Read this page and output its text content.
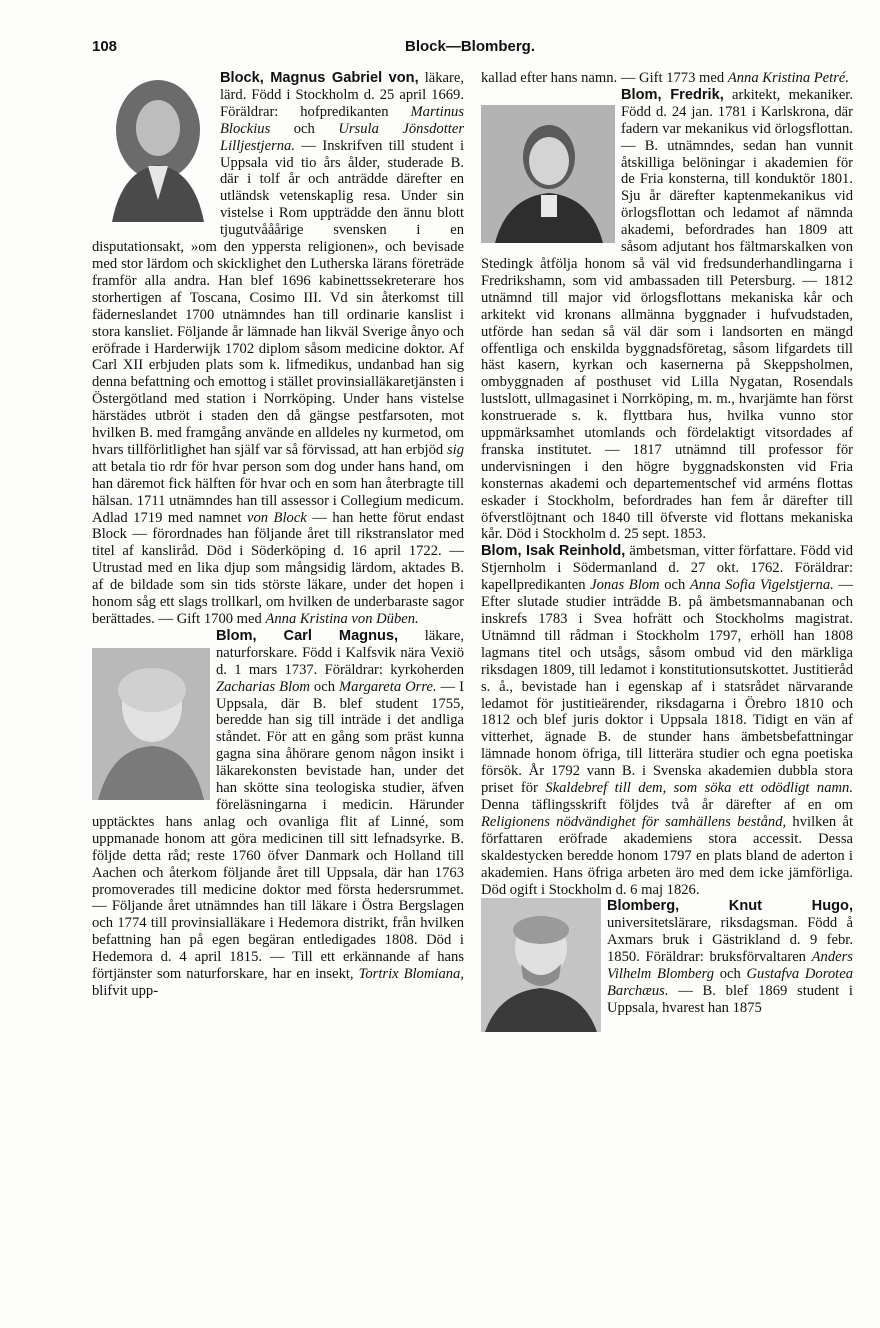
108	Block—Blomberg.

Block, Magnus Gabriel von, läkare, lärd. Född i Stockholm d. 25 april 1669. Föräldrar: hofpredikanten Martinus Blockius och Ursula Jönsdotter Lilljestjerna. — Inskrifven till student i Uppsala vid tio års ålder, studerade B. där i tolf år och anträdde därefter en utländsk vetenskaplig resa. Under sin vistelse i Rom uppträdde den ännu blott tjugutvååårige svensken i en disputationsakt, »om den yppersta religionen», och bevisade med stor lärdom och skicklighet den Lutherska lärans företräde framför alla andra. Han blef 1696 kabinettssekreterare hos storhertigen af Toscana, Cosimo III. Vd sin återkomst till fäderneslandet 1700 utnämndes han till ordinarie kanslist i stora kansliet. Följande år lämnade han likväl Sverige ånyo och eröfrade i Harderwijk 1702 diplom såsom medicine doktor. Af Carl XII erbjuden plats som k. lifmedikus, undanbad han sig denna befattning och emottog i stället provinsialläkaretjänsten i Östergötland med station i Norrköping. Under hans vistelse härstädes utbröt i staden den då gängse pestfarsoten, mot hvilken B. med framgång använde en alldeles ny kurmetod, om hvars tillförlitlighet han själf var så förvissad, att han erbjöd sig att betala tio rdr för hvar person som dog under hans hand, om han däremot fick hälften för hvar och en som han återbragte till hälsan. 1711 utnämndes han till assessor i Collegium medicum. Adlad 1719 med namnet von Block — han hette förut endast Block — förordnades han följande året till rikstranslator med titel af kansliråd. Död i Söderköping d. 16 april 1722. — Utrustad med en lika djup som mångsidig lärdom, aktades B. af de bildade som sin tids störste läkare, under det hopen i honom såg ett slags trollkarl, om hvilken de underbaraste sagor berättades. — Gift 1700 med Anna Kristina von Düben.

Blom, Carl Magnus, läkare, naturforskare. Född i Kalfsvik nära Vexiö d. 1 mars 1737. Föräldrar: kyrkoherden Zacharias Blom och Margareta Orre. — I Uppsala, där B. blef student 1755, beredde han sig till inträde i det andliga ståndet. För att en gång som präst kunna gagna sina åhörare genom någon insikt i läkarekonsten bevistade han, under det han skötte sina teologiska studier, äfven föreläsningarna i medicin. Härunder upptäcktes hans anlag och ovanliga flit af Linné, som uppmanade honom att göra medicinen till sitt lefnadsyrke. B. följde detta råd; reste 1760 öfver Danmark och Holland till Aachen och återkom följande året till Uppsala, där han 1763 promoverades till medicine doktor med första hedersrummet. — Följande året utnämndes han till läkare i Östra Bergslagen och 1774 till provinsialläkare i Hedemora distrikt, från hvilken befattning han på egen begäran entledigades 1808. Död i Hedemora d. 4 april 1815. — Till ett erkännande af hans förtjänster som naturforskare, har en insekt, Tortrix Blomiana, blifvit upp-

kallad efter hans namn. — Gift 1773 med Anna Kristina Petré.

Blom, Fredrik, arkitekt, mekaniker. Född d. 24 jan. 1781 i Karlskrona, där fadern var mekanikus vid örlogsflottan. — B. utnämndes, sedan han vunnit åtskilliga belöningar i akademien för de Fria konsterna, till konduktör 1801. Sju år därefter kaptenmekanikus vid örlogsflottan och ledamot af nämnda akademi, befordrades han 1809 att såsom adjutant hos fältmarskalken von Stedingk åtfölja honom så väl vid fredsunderhandlingarna i Fredrikshamn, som vid ambassaden till Petersburg. — 1812 utnämnd till major vid örlogsflottans mekaniska kår och arkitekt vid kronans allmänna byggnader i hufvudstaden, utförde han sedan så väl där som i landsorten en mängd offentliga och enskilda byggnadsföretag, såsom lifgardets till häst kasern, kyrkan och kasernerna på Skeppsholmen, ombyggnaden af posthuset vid Lilla Nygatan, Rosendals lustslott, ullmagasinet i Norrköping, m. m., hvarjämte han först konstruerade s. k. flyttbara hus, hvilka vunno stor uppmärksamhet utomlands och fördelaktigt vitsordades af franska institutet. — 1817 utnämnd till professor för undervisningen i den högre byggnadskonsten vid Fria konsternas akademi och departementschef vid arméns flottas eskader i Stockholm, befordrades han fem år därefter till öfverstlöjtnant och 1840 till öfverste vid flottans mekaniska kår. Död i Stockholm d. 25 sept. 1853.

Blom, Isak Reinhold, ämbetsman, vitter författare. Född vid Stjernholm i Södermanland d. 27 okt. 1762. Föräldrar: kapellpredikanten Jonas Blom och Anna Sofia Vigelstjerna. — Efter slutade studier inträdde B. på ämbetsmannabanan och inskrefs 1783 i Svea hofrätt och Stockholms magistrat. Utnämnd till rådman i Stockholm 1797, erhöll han 1808 lagmans titel och utsågs, såsom ombud vid den märkliga riksdagen 1809, till ledamot i konstitutionsutskottet. Justitieråd s. å., bevistade han i egenskap af i statsrådet närvarande ledamot för justitieärender, riksdagarna i Örebro 1810 och 1812 och blef juris doktor i Uppsala 1818. Tidigt en vän af vitterhet, ägnade B. de stunder hans ämbetsbefattningar lämnade honom öfriga, till litterära studier och egna poetiska försök. År 1792 vann B. i Svenska akademien dubbla stora priset för Skaldebref till dem, som söka ett odödligt namn. Denna täflingsskrift följdes två år därefter af en om Religionens nödvändighet för samhällens bestånd, hvilken åt författaren eröfrade akademiens stora accessit. Dessa skaldestycken beredde honom 1797 en plats bland de aderton i akademien. Hans öfriga arbeten äro med dem icke jämförliga. Död ogift i Stockholm d. 6 maj 1826.

Blomberg, Knut Hugo, universitetslärare, riksdagsman. Född å Axmars bruk i Gästrikland d. 9 febr. 1850. Föräldrar: bruksförvaltaren Anders Vilhelm Blomberg och Gustafva Dorotea Barchæus. — B. blef 1869 student i Uppsala, hvarest han 1875
